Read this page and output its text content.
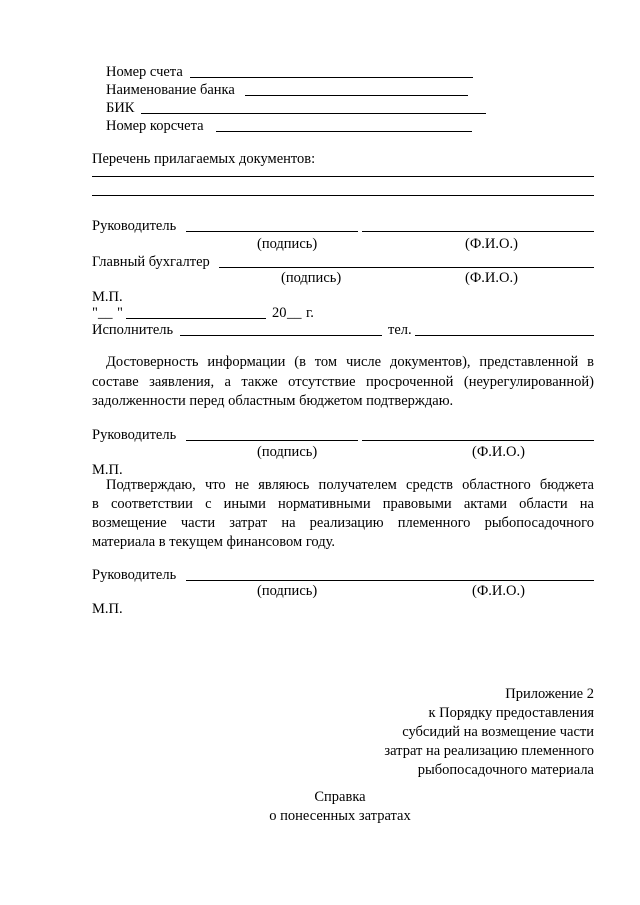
Номер счета
Наименование банка
БИК
Номер корсчета
Перечень прилагаемых документов:
Руководитель
(подпись)	(Ф.И.О.)
Главный бухгалтер
(подпись)	(Ф.И.О.)
М.П.
" __ "	20 __ г.
Исполнитель	тел.
Достоверность информации (в том числе документов), представленной в
составе заявления, а также отсутствие просроченной (неурегулированной)
задолженности перед областным бюджетом подтверждаю.
Руководитель
(подпись)	(Ф.И.О.)
М.П.
Подтверждаю, что не являюсь получателем средств областного бюджета
в соответствии с иными нормативными правовыми актами области на
возмещение части затрат на реализацию племенного рыбопосадочного
материала в текущем финансовом году.
Руководитель
(подпись)	(Ф.И.О.)
М.П.
Приложение 2
к Порядку предоставления
субсидий на возмещение части
затрат на реализацию племенного
рыбопосадочного материала
Справка
о понесенных затратах
